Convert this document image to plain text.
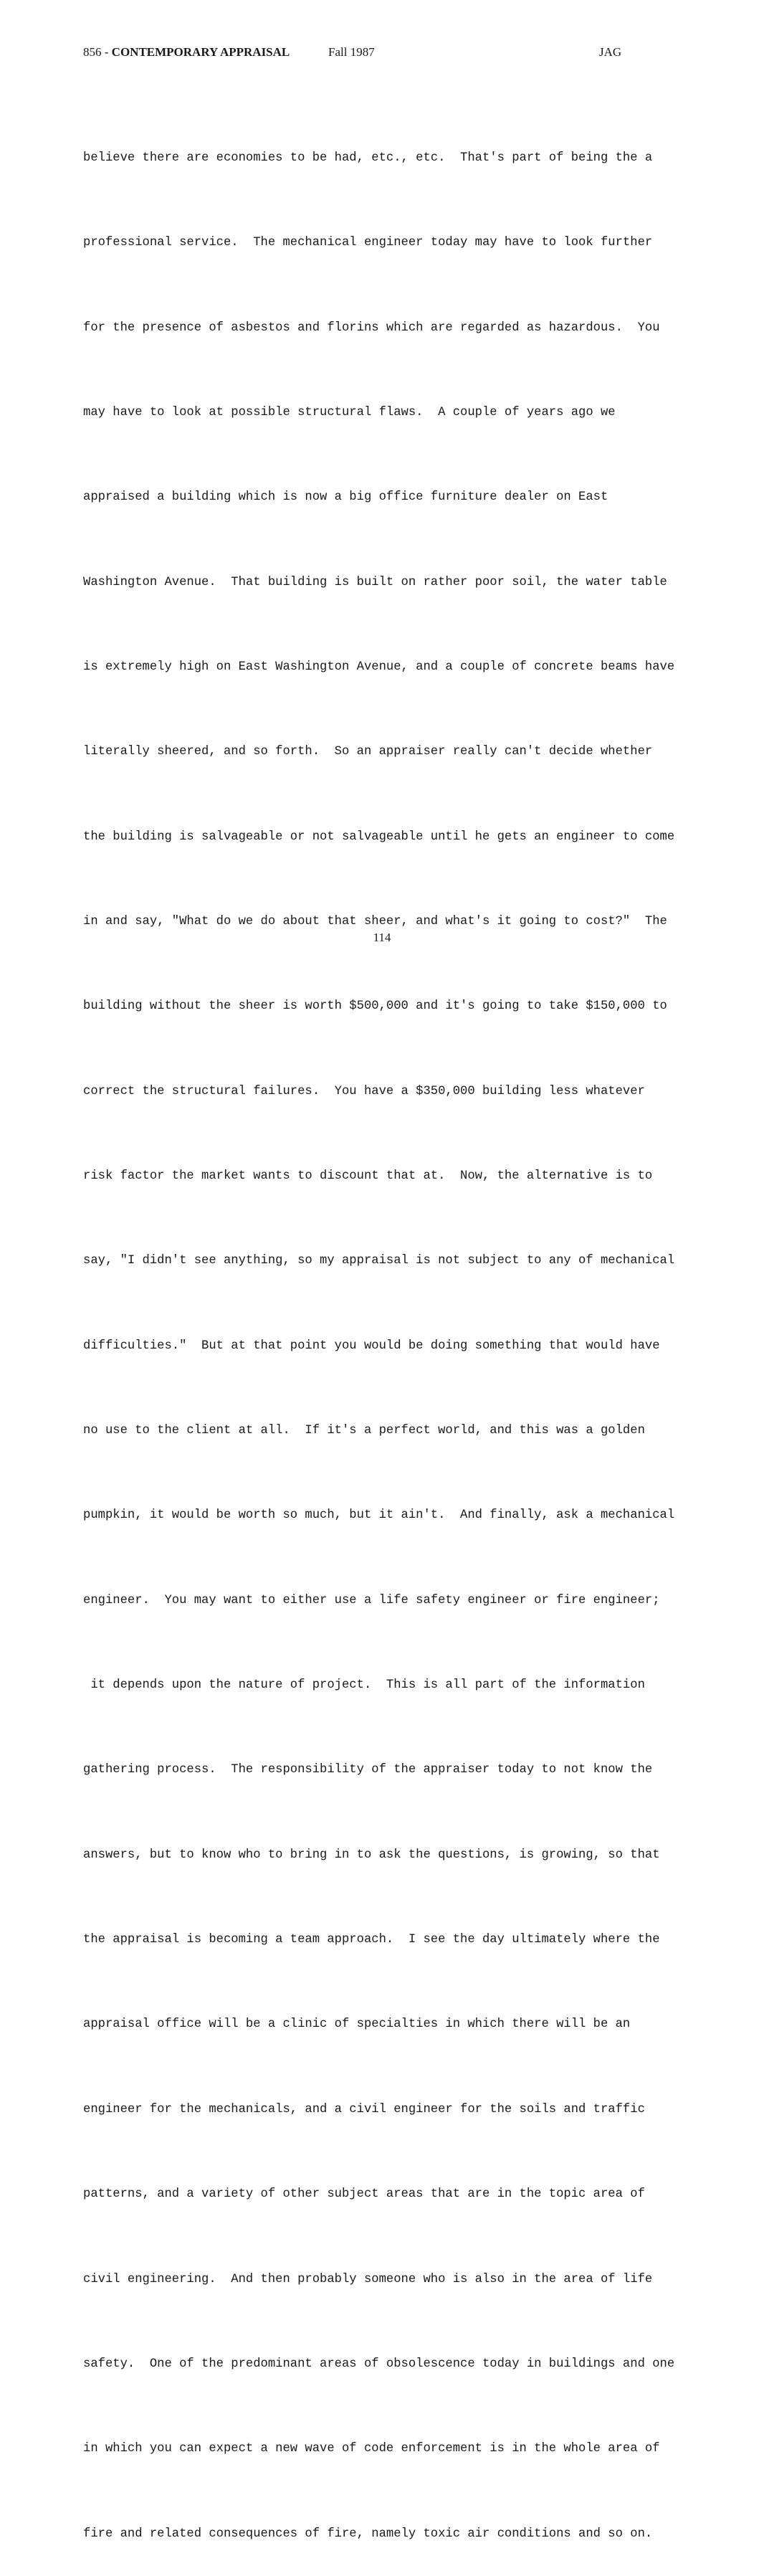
856 - CONTEMPORARY APPRAISAL	Fall 1987	JAG

believe there are economies to be had, etc., etc.  That's part of being the a

professional service.  The mechanical engineer today may have to look further

for the presence of asbestos and florins which are regarded as hazardous.  You

may have to look at possible structural flaws.  A couple of years ago we

appraised a building which is now a big office furniture dealer on East

Washington Avenue.  That building is built on rather poor soil, the water table

is extremely high on East Washington Avenue, and a couple of concrete beams have

literally sheered, and so forth.  So an appraiser really can't decide whether

the building is salvageable or not salvageable until he gets an engineer to come

in and say, "What do we do about that sheer, and what's it going to cost?"  The

building without the sheer is worth $500,000 and it's going to take $150,000 to

correct the structural failures.  You have a $350,000 building less whatever

risk factor the market wants to discount that at.  Now, the alternative is to

say, "I didn't see anything, so my appraisal is not subject to any of mechanical

difficulties."  But at that point you would be doing something that would have

no use to the client at all.  If it's a perfect world, and this was a golden

pumpkin, it would be worth so much, but it ain't.  And finally, ask a mechanical

engineer.  You may want to either use a life safety engineer or fire engineer;

it depends upon the nature of project.  This is all part of the information

gathering process.  The responsibility of the appraiser today to not know the

answers, but to know who to bring in to ask the questions, is growing, so that

the appraisal is becoming a team approach.  I see the day ultimately where the

appraisal office will be a clinic of specialties in which there will be an

engineer for the mechanicals, and a civil engineer for the soils and traffic

patterns, and a variety of other subject areas that are in the topic area of

civil engineering.  And then probably someone who is also in the area of life

safety.  One of the predominant areas of obsolescence today in buildings and one

in which you can expect a new wave of code enforcement is in the whole area of

fire and related consequences of fire, namely toxic air conditions and so on.

114
